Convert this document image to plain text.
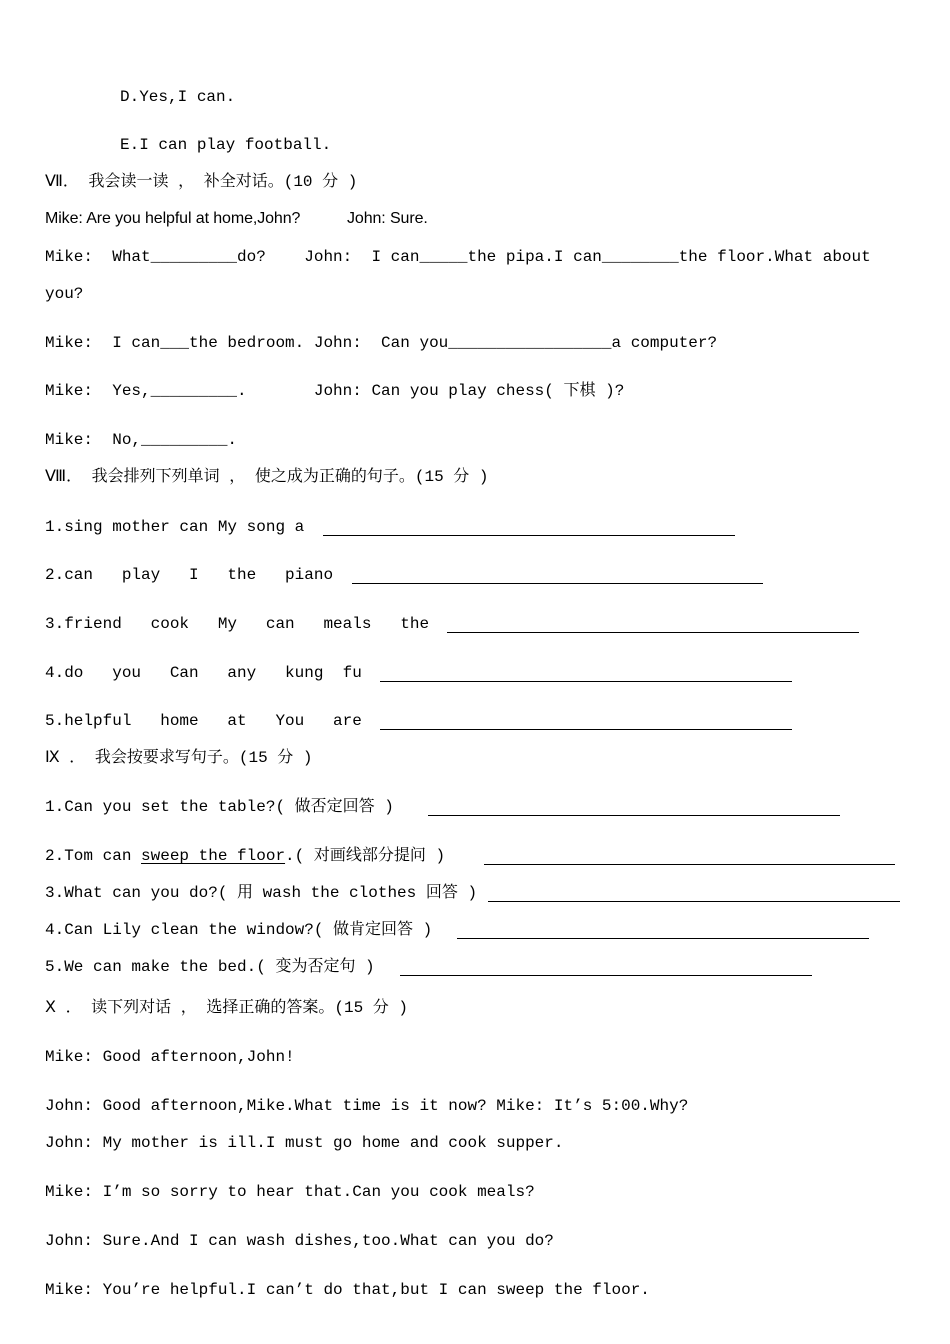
D.Yes,I can.
E.I can play football.
Ⅶ． 我会读一读 ， 补全对话。(10 分 )
Mike: Are you helpful at home,John?	John: Sure.
Mike:  What_________do?    John:  I can_____the pipa.I can________the floor.What about
you?
Mike:  I can___the bedroom. John:  Can you_________________a computer?
Mike:  Yes,_________.       John: Can you play chess( 下棋 )?
Mike:  No,_________.
Ⅷ． 我会排列下列单词 ， 使之成为正确的句子。(15 分 )
1.sing mother can My song a
2.can   play   I   the   piano
3.friend   cook   My   can   meals   the
4.do   you   Can   any   kung  fu
5.helpful   home   at   You   are
Ⅸ ． 我会按要求写句子。(15 分 )
1.Can you set the table?( 做否定回答 )
2.Tom can sweep the floor.( 对画线部分提问 )
3.What can you do?( 用 wash the clothes 回答 )
4.Can Lily clean the window?( 做肯定回答 )
5.We can make the bed.( 变为否定句 )
Ⅹ ． 读下列对话 ， 选择正确的答案。(15 分 )
Mike: Good afternoon,John!
John: Good afternoon,Mike.What time is it now? Mike: It’s 5:00.Why?
John: My mother is ill.I must go home and cook supper.
Mike: I’m so sorry to hear that.Can you cook meals?
John: Sure.And I can wash dishes,too.What can you do?
Mike: You’re helpful.I can’t do that,but I can sweep the floor.
